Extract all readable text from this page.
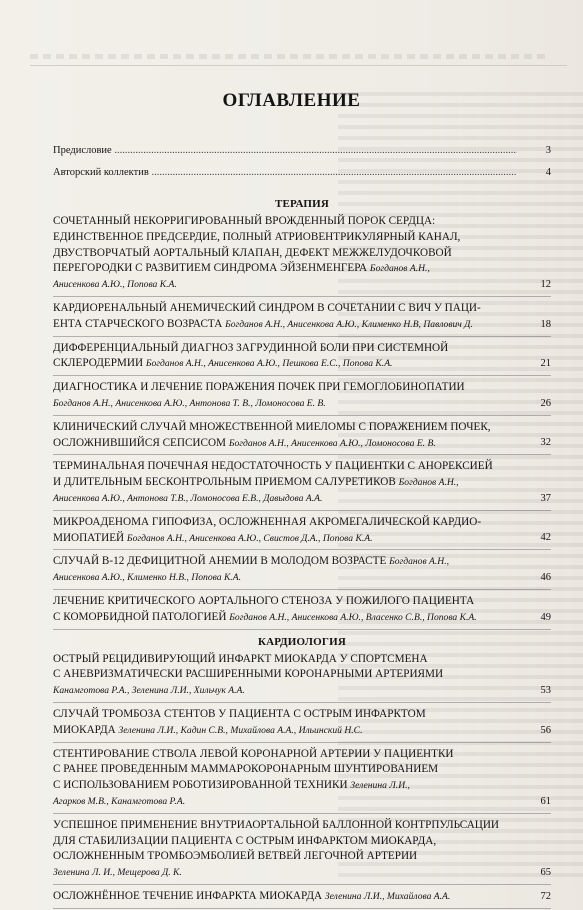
ОГЛАВЛЕНИЕ
Предисловие .....	3
Авторский коллектив .....	4
ТЕРАПИЯ
СОЧЕТАННЫЙ НЕКОРРИГИРОВАННЫЙ ВРОЖДЕННЫЙ ПОРОК СЕРДЦА:
ЕДИНСТВЕННОЕ ПРЕДСЕРДИЕ, ПОЛНЫЙ АТРИОВЕНТРИКУЛЯРНЫЙ КАНАЛ,
ДВУСТВОРЧАТЫЙ АОРТАЛЬНЫЙ КЛАПАН, ДЕФЕКТ МЕЖЖЕЛУДОЧКОВОЙ
ПЕРЕГОРОДКИ С РАЗВИТИЕМ СИНДРОМА ЭЙЗЕНМЕНГЕРА Богданов А.Н.,
Анисенкова А.Ю., Попова К.А.	12
КАРДИОРЕНАЛЬНЫЙ АНЕМИЧЕСКИЙ СИНДРОМ В СОЧЕТАНИИ С ВИЧ У ПАЦИ-
ЕНТА СТАРЧЕСКОГО ВОЗРАСТА Богданов А.Н., Анисенкова А.Ю., Клименко Н.В, Павлович Д.	18
ДИФФЕРЕНЦИАЛЬНЫЙ ДИАГНОЗ ЗАГРУДИННОЙ БОЛИ ПРИ СИСТЕМНОЙ
СКЛЕРОДЕРМИИ Богданов А.Н., Анисенкова А.Ю., Пешкова Е.С., Попова К.А.	21
ДИАГНОСТИКА И ЛЕЧЕНИЕ ПОРАЖЕНИЯ ПОЧЕК ПРИ ГЕМОГЛОБИНОПАТИИ
Богданов А.Н., Анисенкова А.Ю., Антонова Т. В., Ломоносова Е. В.	26
КЛИНИЧЕСКИЙ СЛУЧАЙ МНОЖЕСТВЕННОЙ МИЕЛОМЫ С ПОРАЖЕНИЕМ ПОЧЕК,
ОСЛОЖНИВШИЙСЯ СЕПСИСОМ Богданов А.Н., Анисенкова А.Ю., Ломоносова Е. В.	32
ТЕРМИНАЛЬНАЯ ПОЧЕЧНАЯ НЕДОСТАТОЧНОСТЬ У ПАЦИЕНТКИ С АНОРЕКСИЕЙ
И ДЛИТЕЛЬНЫМ БЕСКОНТРОЛЬНЫМ ПРИЕМОМ САЛУРЕТИКОВ Богданов А.Н.,
Анисенкова А.Ю., Антонова Т.В., Ломоносова Е.В., Давыдова А.А.	37
МИКРОАДЕНОМА ГИПОФИЗА, ОСЛОЖНЕННАЯ АКРОМЕГАЛИЧЕСКОЙ КАРДИО-
МИОПАТИЕЙ Богданов А.Н., Анисенкова А.Ю., Свистов Д.А., Попова К.А.	42
СЛУЧАЙ В-12 ДЕФИЦИТНОЙ АНЕМИИ В МОЛОДОМ ВОЗРАСТЕ Богданов А.Н.,
Анисенкова А.Ю., Клименко Н.В., Попова К.А.	46
ЛЕЧЕНИЕ КРИТИЧЕСКОГО АОРТАЛЬНОГО СТЕНОЗА У ПОЖИЛОГО ПАЦИЕНТА
С КОМОРБИДНОЙ ПАТОЛОГИЕЙ Богданов А.Н., Анисенкова А.Ю., Власенко С.В., Попова К.А.	49
КАРДИОЛОГИЯ
ОСТРЫЙ РЕЦИДИВИРУЮЩИЙ ИНФАРКТ МИОКАРДА У СПОРТСМЕНА
С АНЕВРИЗМАТИЧЕСКИ РАСШИРЕННЫМИ КОРОНАРНЫМИ АРТЕРИЯМИ
Канамготова Р.А., Зеленина Л.И., Хильчук А.А.	53
СЛУЧАЙ ТРОМБОЗА СТЕНТОВ У ПАЦИЕНТА С ОСТРЫМ ИНФАРКТОМ
МИОКАРДА Зеленина Л.И., Кадин С.В., Михайлова А.А., Ильинский Н.С.	56
СТЕНТИРОВАНИЕ СТВОЛА ЛЕВОЙ КОРОНАРНОЙ АРТЕРИИ У ПАЦИЕНТКИ
С РАНЕЕ ПРОВЕДЕННЫМ МАММАРОКОРОНАРНЫМ ШУНТИРОВАНИЕМ
С ИСПОЛЬЗОВАНИЕМ РОБОТИЗИРОВАННОЙ ТЕХНИКИ Зеленина Л.И.,
Агарков М.В., Канамготова Р.А.	61
УСПЕШНОЕ ПРИМЕНЕНИЕ ВНУТРИАОРТАЛЬНОЙ БАЛЛОННОЙ КОНТРПУЛЬСАЦИИ
ДЛЯ СТАБИЛИЗАЦИИ ПАЦИЕНТА С ОСТРЫМ ИНФАРКТОМ МИОКАРДА,
ОСЛОЖНЕННЫМ ТРОМБОЭМБОЛИЕЙ ВЕТВЕЙ ЛЕГОЧНОЙ АРТЕРИИ
Зеленина Л. И., Мещерова Д. К.	65
ОСЛОЖНЁННОЕ ТЕЧЕНИЕ ИНФАРКТА МИОКАРДА Зеленина Л.И., Михайлова А.А.	72
